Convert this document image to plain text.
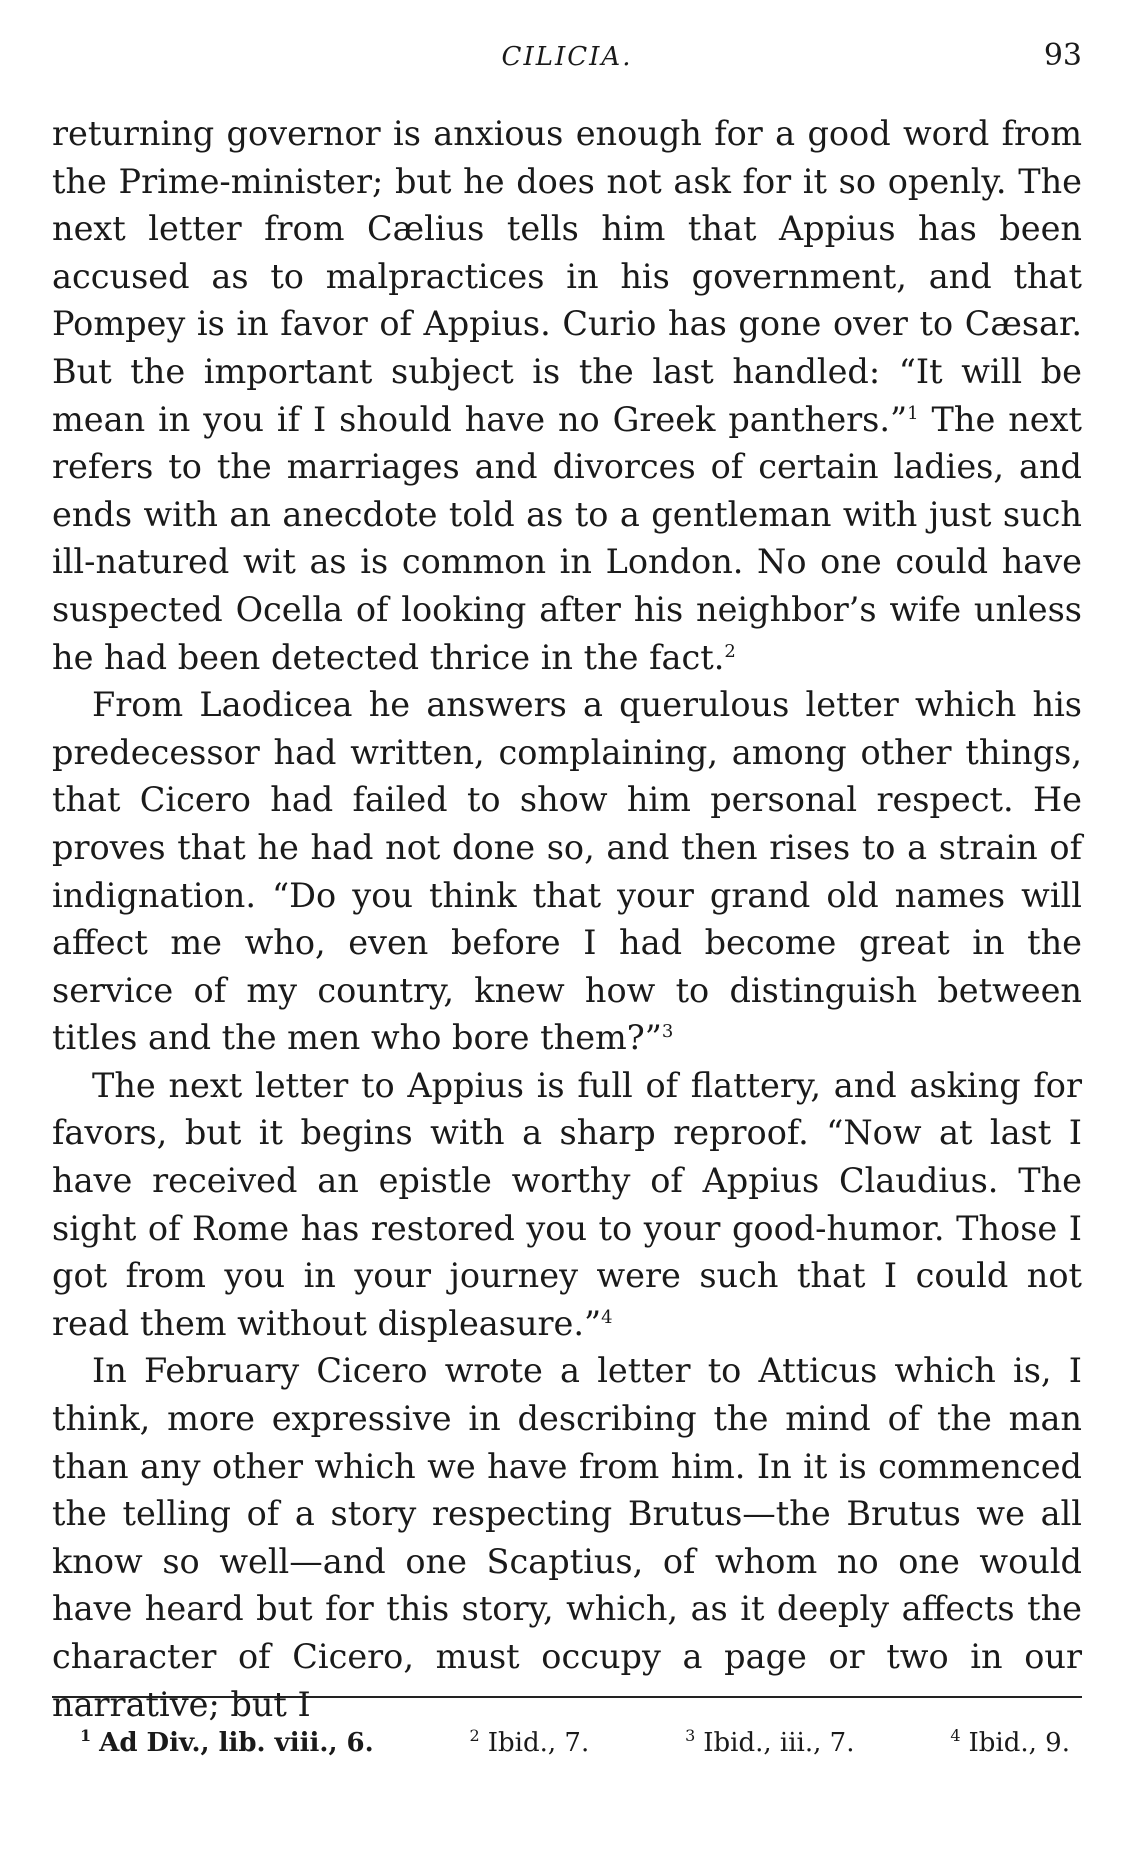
CILICIA.	93

returning governor is anxious enough for a good word from the Prime-minister; but he does not ask for it so openly. The next letter from Cælius tells him that Appius has been accused as to malpractices in his government, and that Pompey is in favor of Appius. Curio has gone over to Cæsar. But the important subject is the last handled: “It will be mean in you if I should have no Greek panthers.”$^1$ The next refers to the marriages and divorces of certain ladies, and ends with an anecdote told as to a gentleman with just such ill-natured wit as is common in London. No one could have suspected Ocella of looking after his neighbor’s wife unless he had been detected thrice in the fact.$^2$

From Laodicea he answers a querulous letter which his predecessor had written, complaining, among other things, that Cicero had failed to show him personal respect. He proves that he had not done so, and then rises to a strain of indignation. “Do you think that your grand old names will affect me who, even before I had become great in the service of my country, knew how to distinguish between titles and the men who bore them?”$^3$

The next letter to Appius is full of flattery, and asking for favors, but it begins with a sharp reproof. “Now at last I have received an epistle worthy of Appius Claudius. The sight of Rome has restored you to your good-humor. Those I got from you in your journey were such that I could not read them without displeasure.”$^4$

In February Cicero wrote a letter to Atticus which is, I think, more expressive in describing the mind of the man than any other which we have from him. In it is commenced the telling of a story respecting Brutus—the Brutus we all know so well—and one Scaptius, of whom no one would have heard but for this story, which, as it deeply affects the character of Cicero, must occupy a page or two in our narrative; but I

$^1$ Ad Div., lib. viii., 6.	$^2$ Ibid., 7.	$^3$ Ibid., iii., 7.	$^4$ Ibid., 9.
